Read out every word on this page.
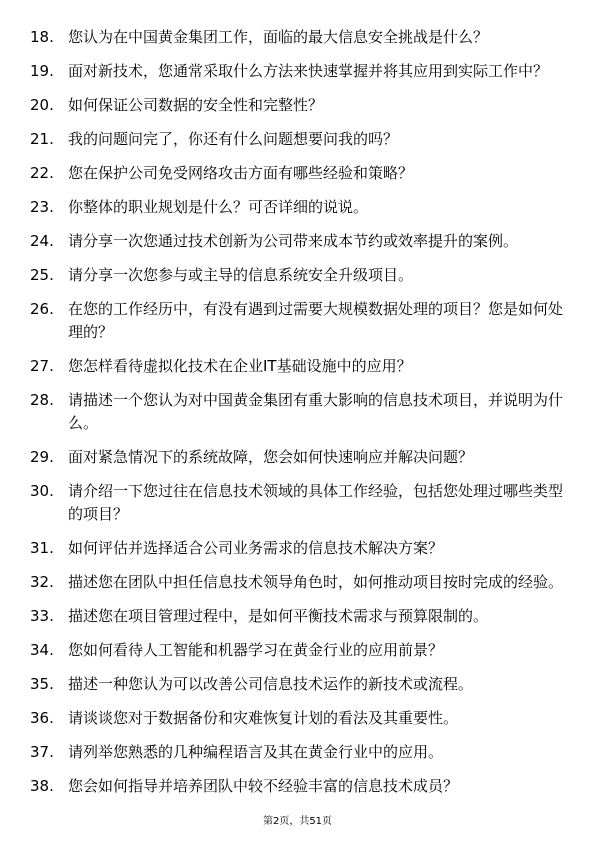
18. 您认为在中国黄金集团工作，面临的最大信息安全挑战是什么？
19. 面对新技术，您通常采取什么方法来快速掌握并将其应用到实际工作中？
20. 如何保证公司数据的安全性和完整性？
21. 我的问题问完了，你还有什么问题想要问我的吗？
22. 您在保护公司免受网络攻击方面有哪些经验和策略？
23. 你整体的职业规划是什么？可否详细的说说。
24. 请分享一次您通过技术创新为公司带来成本节约或效率提升的案例。
25. 请分享一次您参与或主导的信息系统安全升级项目。
26. 在您的工作经历中，有没有遇到过需要大规模数据处理的项目？您是如何处理的？
27. 您怎样看待虚拟化技术在企业IT基础设施中的应用？
28. 请描述一个您认为对中国黄金集团有重大影响的信息技术项目，并说明为什么。
29. 面对紧急情况下的系统故障，您会如何快速响应并解决问题？
30. 请介绍一下您过往在信息技术领域的具体工作经验，包括您处理过哪些类型的项目？
31. 如何评估并选择适合公司业务需求的信息技术解决方案？
32. 描述您在团队中担任信息技术领导角色时，如何推动项目按时完成的经验。
33. 描述您在项目管理过程中，是如何平衡技术需求与预算限制的。
34. 您如何看待人工智能和机器学习在黄金行业的应用前景？
35. 描述一种您认为可以改善公司信息技术运作的新技术或流程。
36. 请谈谈您对于数据备份和灾难恢复计划的看法及其重要性。
37. 请列举您熟悉的几种编程语言及其在黄金行业中的应用。
38. 您会如何指导并培养团队中较不经验丰富的信息技术成员？
第2页，共51页
